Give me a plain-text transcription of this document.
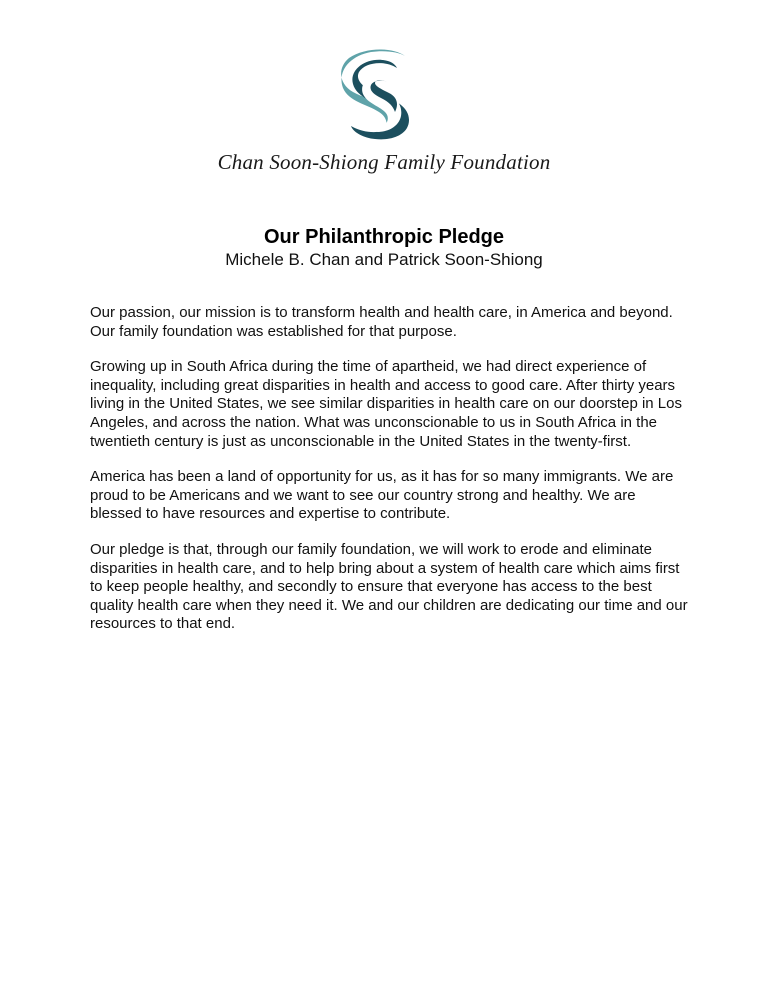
Chan Soon-Shiong Family Foundation
Our Philanthropic Pledge
Michele B. Chan and Patrick Soon-Shiong

Our passion, our mission is to transform health and health care, in America and beyond. Our family foundation was established for that purpose.

Growing up in South Africa during the time of apartheid, we had direct experience of inequality, including great disparities in health and access to good care. After thirty years living in the United States, we see similar disparities in health care on our doorstep in Los Angeles, and across the nation. What was unconscionable to us in South Africa in the twentieth century is just as unconscionable in the United States in the twenty-first.

America has been a land of opportunity for us, as it has for so many immigrants. We are proud to be Americans and we want to see our country strong and healthy. We are blessed to have resources and expertise to contribute.

Our pledge is that, through our family foundation, we will work to erode and eliminate disparities in health care, and to help bring about a system of health care which aims first to keep people healthy, and secondly to ensure that everyone has access to the best quality health care when they need it. We and our children are dedicating our time and our resources to that end.
